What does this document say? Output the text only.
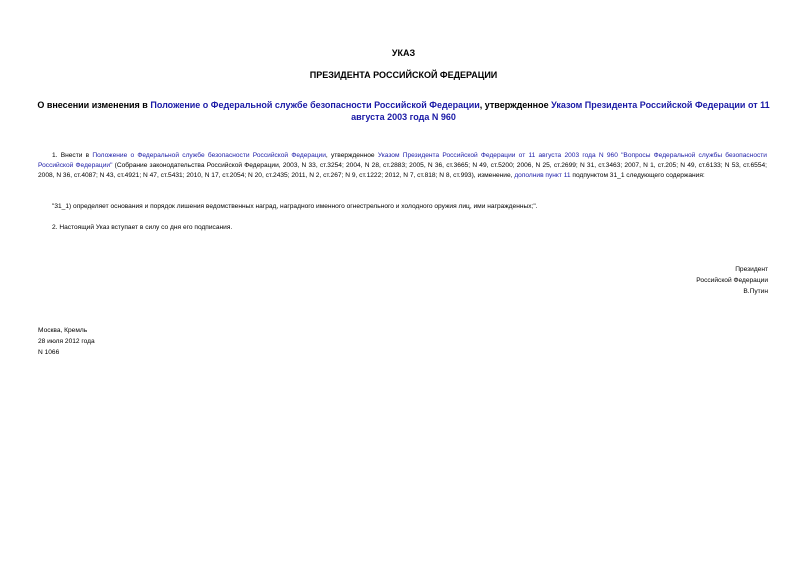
УКАЗ
ПРЕЗИДЕНТА РОССИЙСКОЙ ФЕДЕРАЦИИ
О внесении изменения в Положение о Федеральной службе безопасности Российской Федерации, утвержденное Указом Президента Российской Федерации от 11 августа 2003 года N 960
1. Внести в Положение о Федеральной службе безопасности Российской Федерации, утвержденное Указом Президента Российской Федерации от 11 августа 2003 года N 960 "Вопросы Федеральной службы безопасности Российской Федерации" (Собрание законодательства Российской Федерации, 2003, N 33, ст.3254; 2004, N 28, ст.2883; 2005, N 36, ст.3665; N 49, ст.5200; 2006, N 25, ст.2699; N 31, ст.3463; 2007, N 1, ст.205; N 49, ст.6133; N 53, ст.6554; 2008, N 36, ст.4087; N 43, ст.4921; N 47, ст.5431; 2010, N 17, ст.2054; N 20, ст.2435; 2011, N 2, ст.267; N 9, ст.1222; 2012, N 7, ст.818; N 8, ст.993), изменение, дополнив пункт 11 подпунктом 31_1 следующего содержания:
"31_1) определяет основания и порядок лишения ведомственных наград, наградного именного огнестрельного и холодного оружия лиц, ими награжденных;".
2. Настоящий Указ вступает в силу со дня его подписания.
Президент
Российской Федерации
В.Путин
Москва, Кремль
28 июля 2012 года
N 1066
